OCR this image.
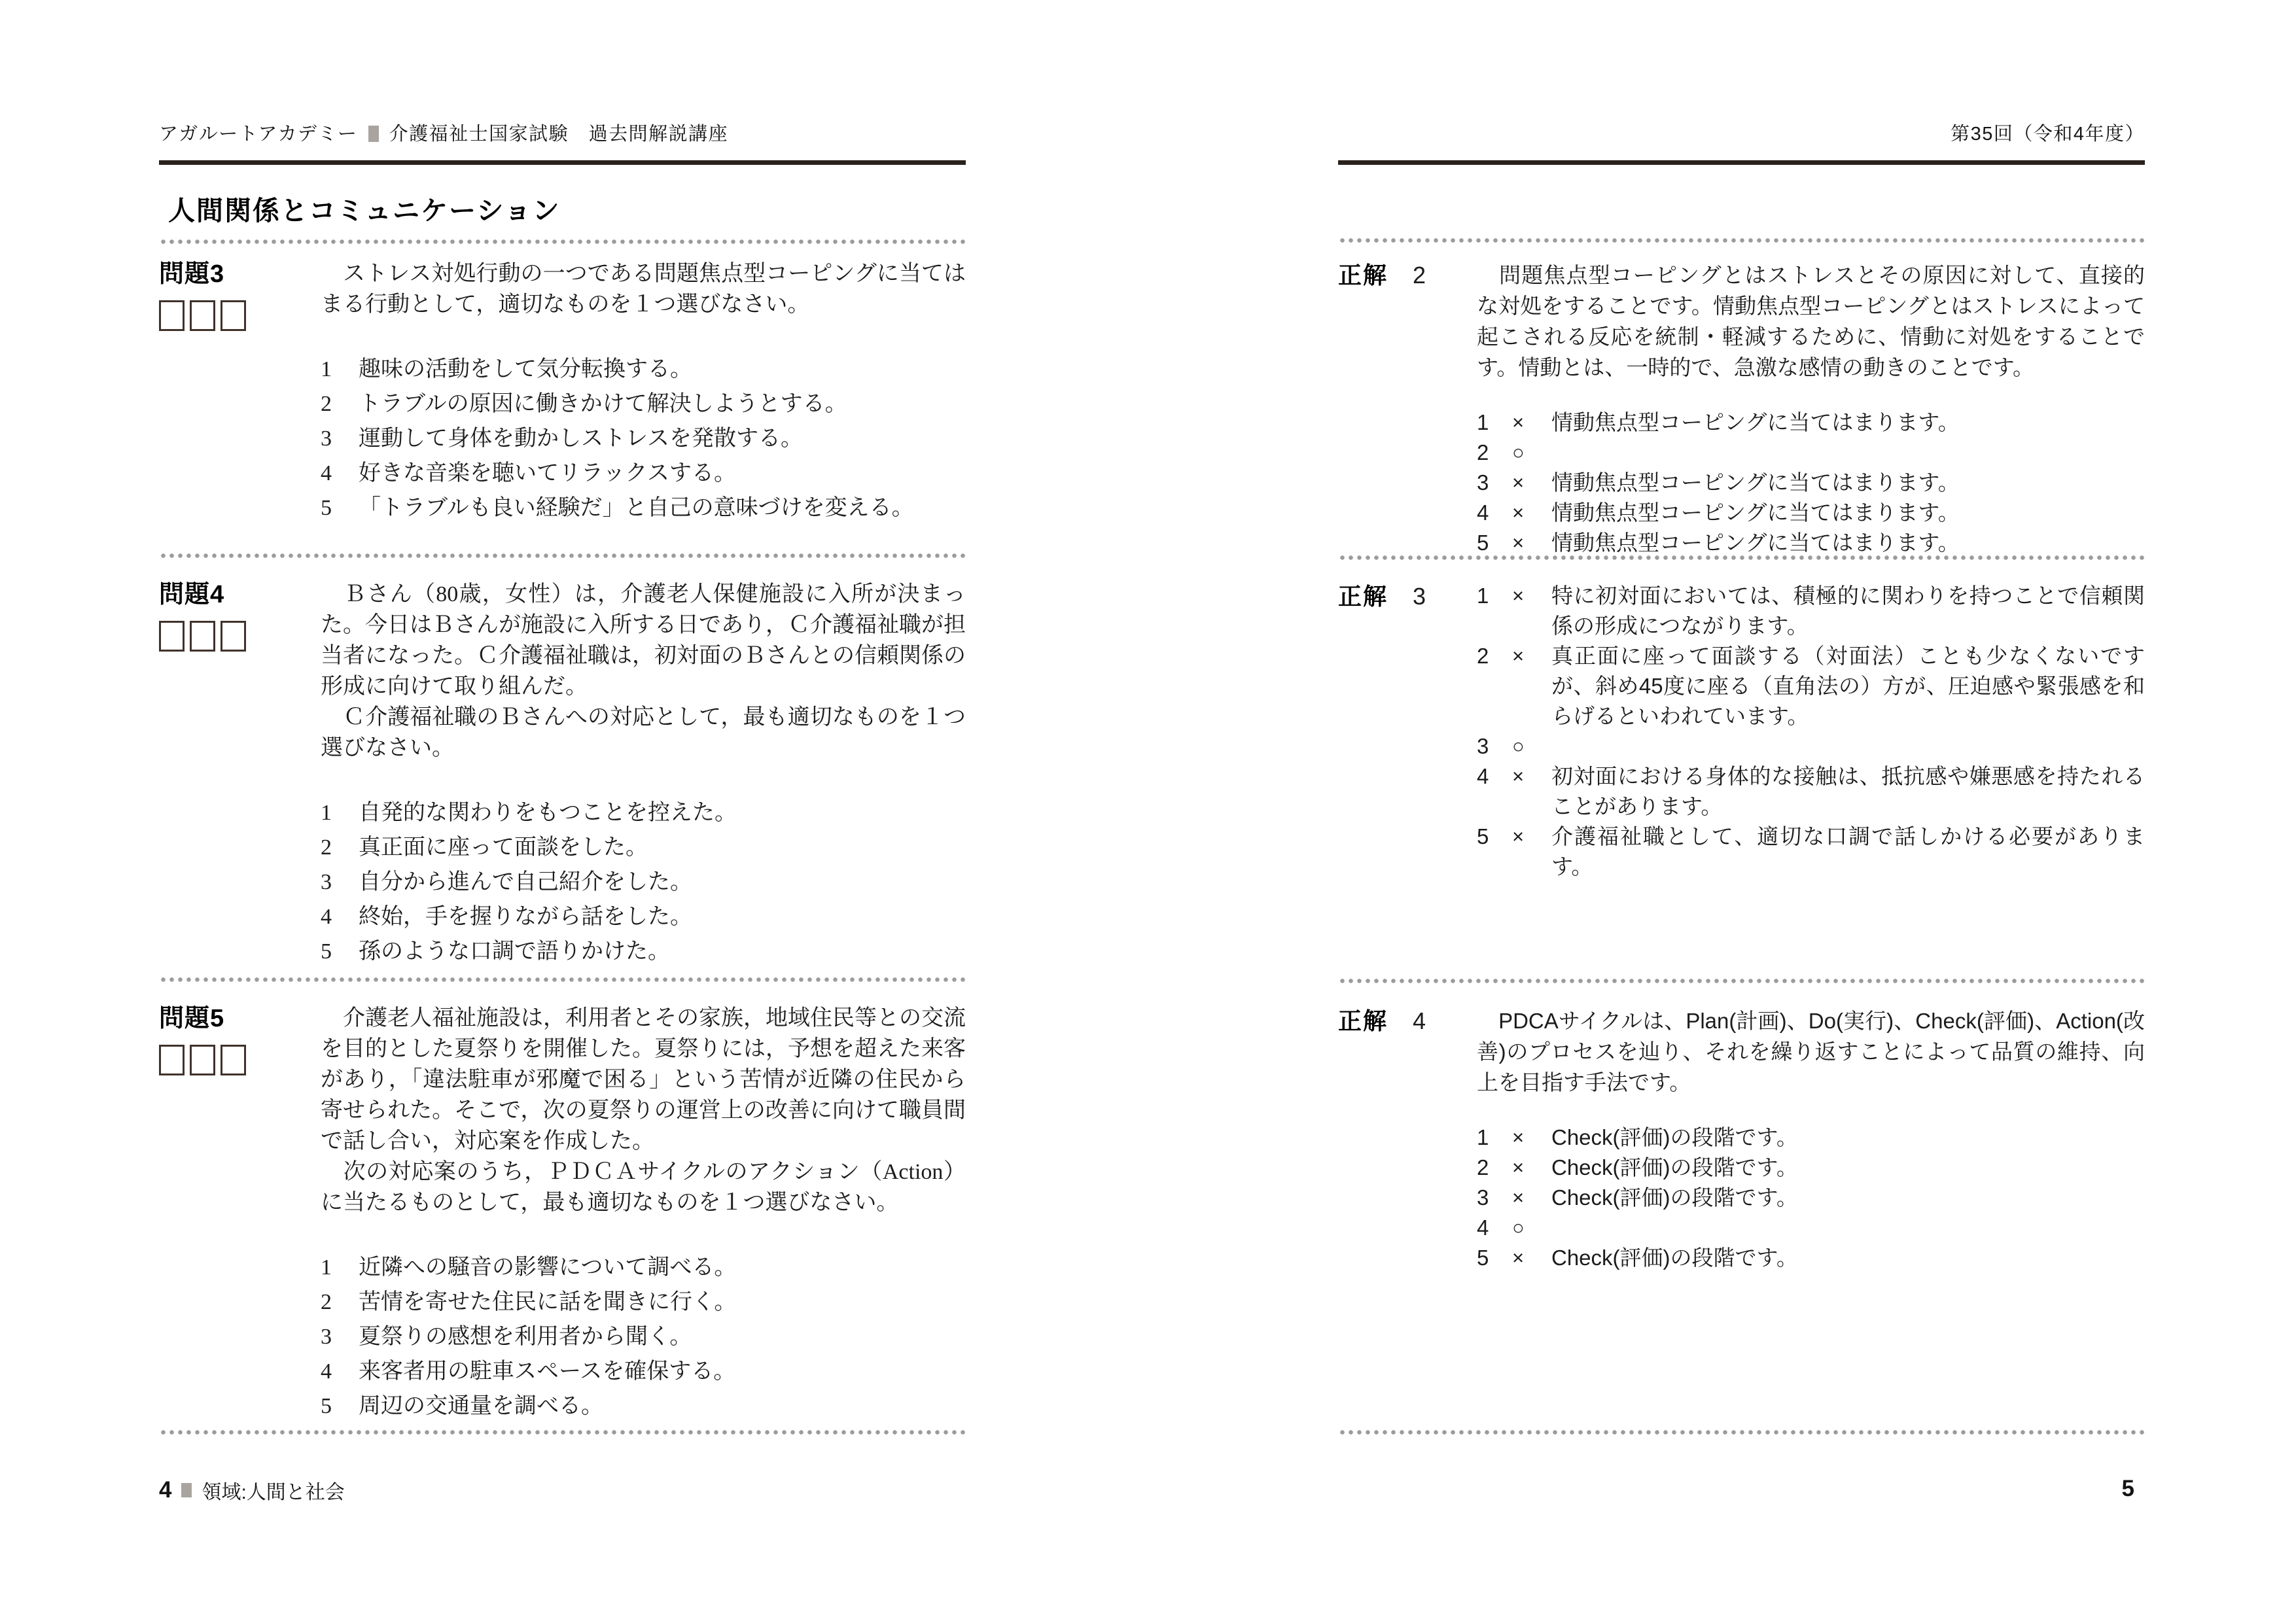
アガルートアカデミー 介護福祉士国家試験　過去問解説講座
人間関係とコミュニケーション
問題3	　ストレス対処行動の一つである問題焦点型コーピングに当てはまる行動として，適切なものを１つ選びなさい。

1	趣味の活動をして気分転換する。
2	トラブルの原因に働きかけて解決しようとする。
3	運動して身体を動かしストレスを発散する。
4	好きな音楽を聴いてリラックスする。
5	「トラブルも良い経験だ」と自己の意味づけを変える。
問題4	　Ｂさん（80歳，女性）は，介護老人保健施設に入所が決まった。今日はＢさんが施設に入所する日であり，Ｃ介護福祉職が担当者になった。Ｃ介護福祉職は，初対面のＢさんとの信頼関係の形成に向けて取り組んだ。

　Ｃ介護福祉職のＢさんへの対応として，最も適切なものを１つ選びなさい。

1	自発的な関わりをもつことを控えた。
2	真正面に座って面談をした。
3	自分から進んで自己紹介をした。
4	終始，手を握りながら話をした。
5	孫のような口調で語りかけた。
問題5	　介護老人福祉施設は，利用者とその家族，地域住民等との交流を目的とした夏祭りを開催した。夏祭りには，予想を超えた来客があり，「違法駐車が邪魔で困る」という苦情が近隣の住民から寄せられた。そこで，次の夏祭りの運営上の改善に向けて職員間で話し合い，対応案を作成した。

　次の対応案のうち，ＰＤＣＡサイクルのアクション（Action）に当たるものとして，最も適切なものを１つ選びなさい。

1	近隣への騒音の影響について調べる。
2	苦情を寄せた住民に話を聞きに行く。
3	夏祭りの感想を利用者から聞く。
4	来客者用の駐車スペースを確保する。
5	周辺の交通量を調べる。
第35回（令和4年度）
正解 2	　問題焦点型コーピングとはストレスとその原因に対して、直接的な対処をすることです。情動焦点型コーピングとはストレスによって起こされる反応を統制・軽減するために、情動に対処をすることです。情動とは、一時的で、急激な感情の動きのことです。

1	×	情動焦点型コーピングに当てはまります。
2	○
3	×	情動焦点型コーピングに当てはまります。
4	×	情動焦点型コーピングに当てはまります。
5	×	情動焦点型コーピングに当てはまります。
正解 3	1	×	特に初対面においては、積極的に関わりを持つことで信頼関係の形成につながります。
2	×	真正面に座って面談する（対面法）ことも少なくないですが、斜め45度に座る（直角法の）方が、圧迫感や緊張感を和らげるといわれています。
3	○
4	×	初対面における身体的な接触は、抵抗感や嫌悪感を持たれることがあります。
5	×	介護福祉職として、適切な口調で話しかける必要があります。
正解 4	　PDCAサイクルは、Plan(計画)、Do(実行)、Check(評価)、Action(改善)のプロセスを辿り、それを繰り返すことによって品質の維持、向上を目指す手法です。

1	×	Check(評価)の段階です。
2	×	Check(評価)の段階です。
3	×	Check(評価)の段階です。
4	○
5	×	Check(評価)の段階です。
4 領域:人間と社会	5
